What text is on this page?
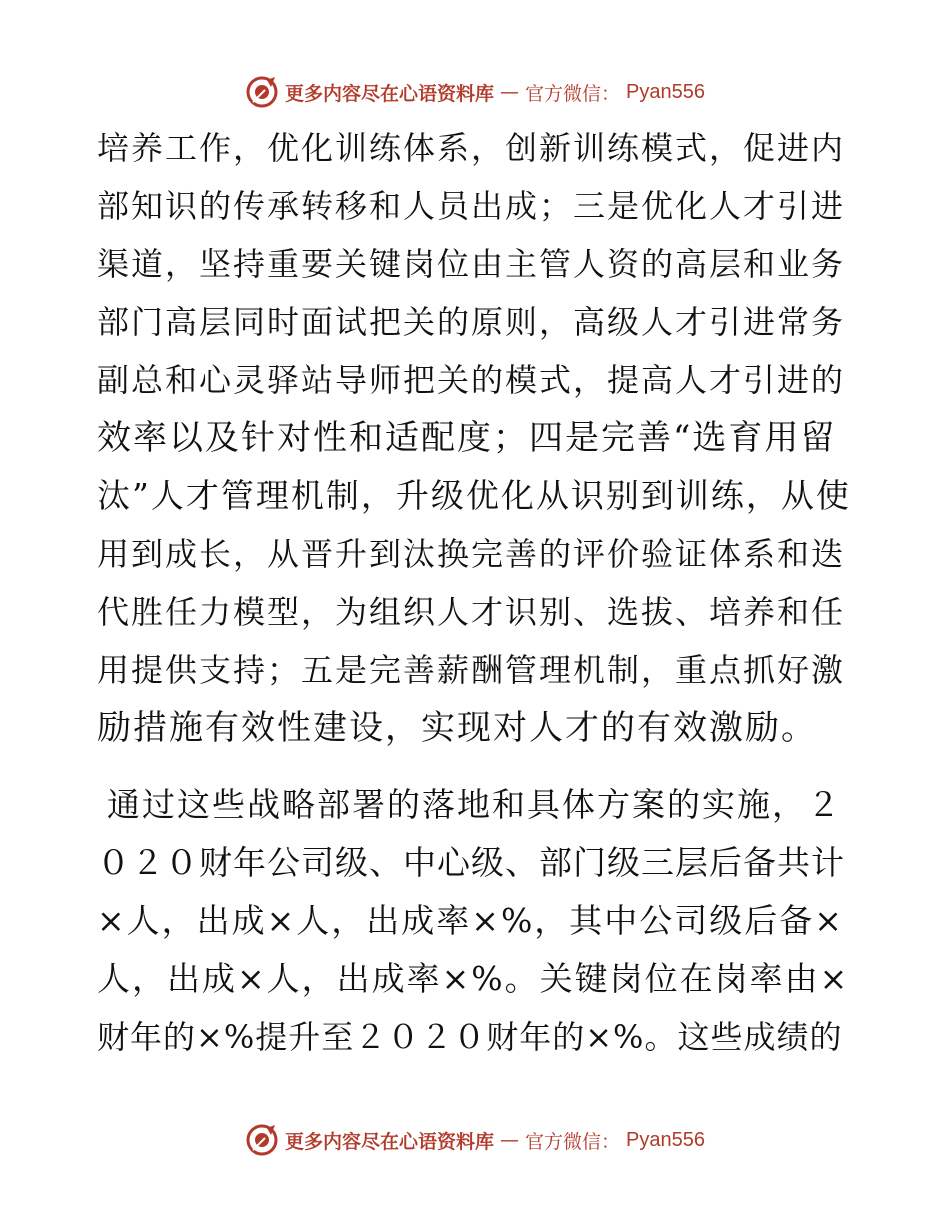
更多内容尽在心语资料库 — 官方微信： Pyan556
培养工作，优化训练体系，创新训练模式，促进内
部知识的传承转移和人员出成；三是优化人才引进
渠道，坚持重要关键岗位由主管人资的高层和业务
部门高层同时面试把关的原则，高级人才引进常务
副总和心灵驿站导师把关的模式，提高人才引进的
效率以及针对性和适配度；四是完善“选育用留
汰”人才管理机制，升级优化从识别到训练，从使
用到成长，从晋升到汰换完善的评价验证体系和迭
代胜任力模型，为组织人才识别、选拔、培养和任
用提供支持；五是完善薪酬管理机制，重点抓好激
励措施有效性建设，实现对人才的有效激励。
通过这些战略部署的落地和具体方案的实施，２
０２０财年公司级、中心级、部门级三层后备共计
×人，出成×人，出成率×%，其中公司级后备×
人，出成×人，出成率×%。关键岗位在岗率由×
财年的×%提升至２０２０财年的×%。这些成绩的
更多内容尽在心语资料库 — 官方微信： Pyan556
